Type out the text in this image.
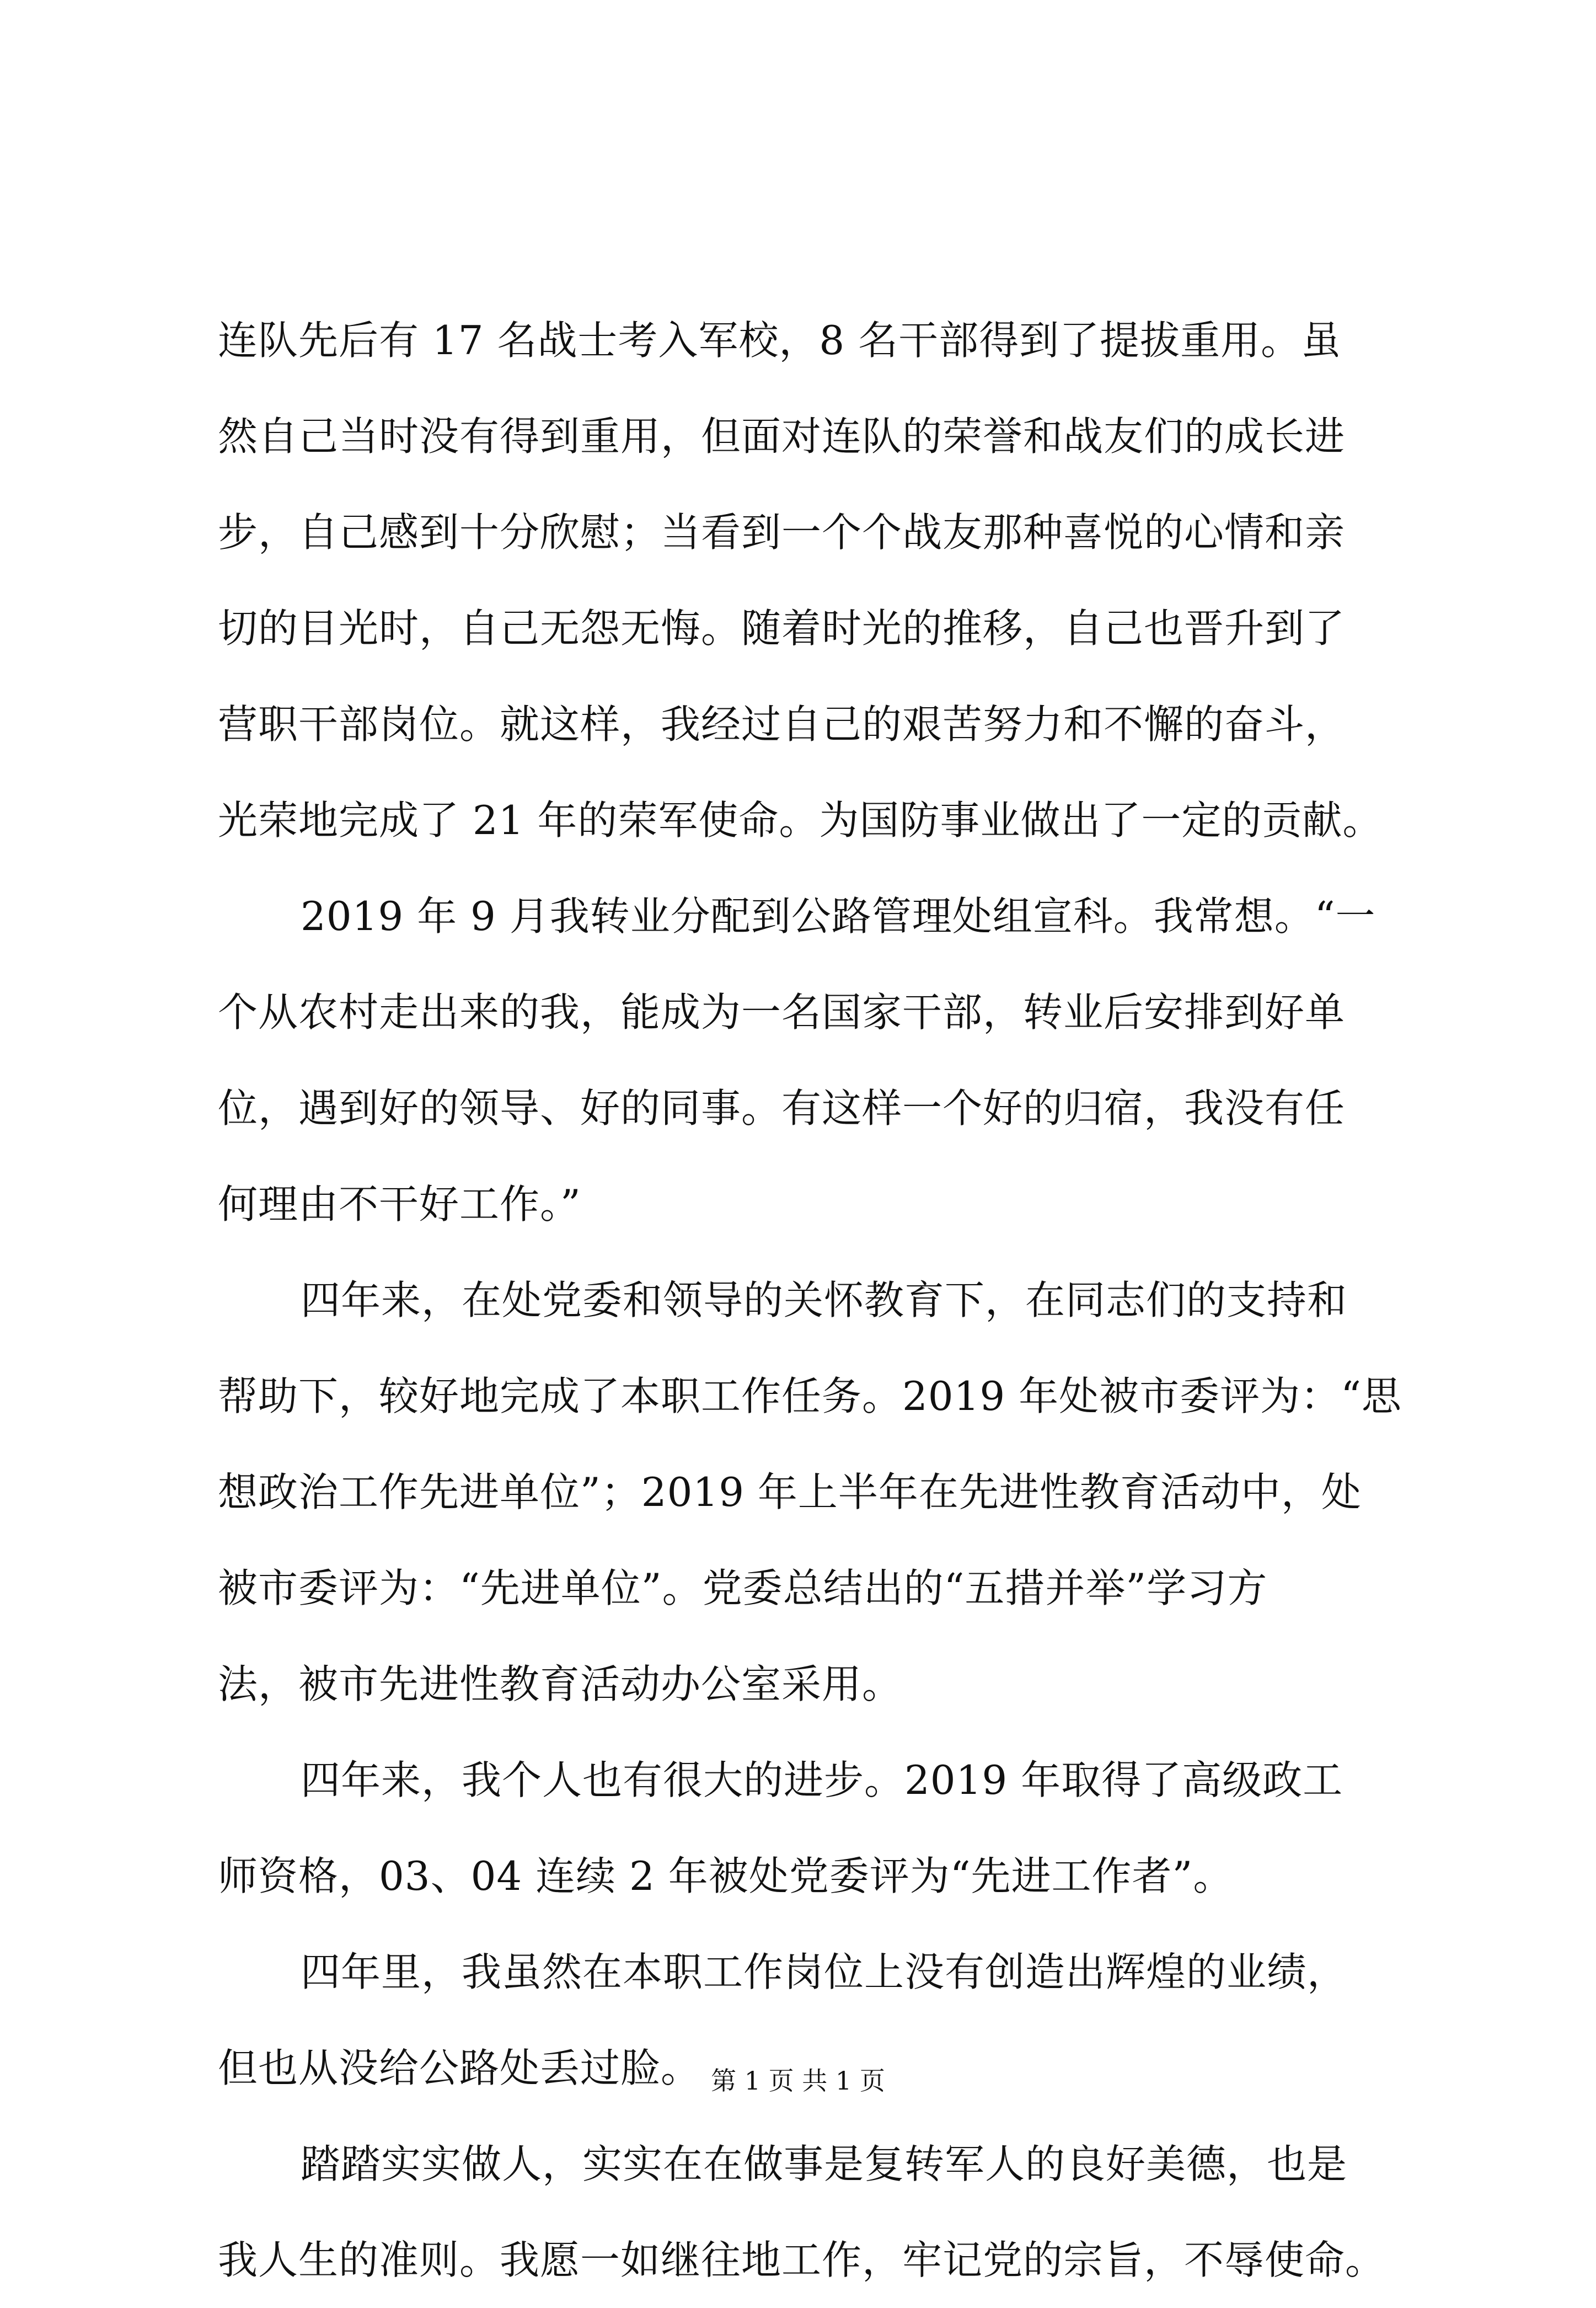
连队先后有 17 名战士考入军校，8 名干部得到了提拔重用。虽
然自己当时没有得到重用，但面对连队的荣誉和战友们的成长进
步，自己感到十分欣慰；当看到一个个战友那种喜悦的心情和亲
切的目光时，自己无怨无悔。随着时光的推移，自己也晋升到了
营职干部岗位。就这样，我经过自己的艰苦努力和不懈的奋斗，
光荣地完成了 21 年的荣军使命。为国防事业做出了一定的贡献。
2019 年 9 月我转业分配到公路管理处组宣科。我常想。“一
个从农村走出来的我，能成为一名国家干部，转业后安排到好单
位，遇到好的领导、好的同事。有这样一个好的归宿，我没有任
何理由不干好工作。”
四年来，在处党委和领导的关怀教育下，在同志们的支持和
帮助下，较好地完成了本职工作任务。2019 年处被市委评为：“思
想政治工作先进单位”；2019 年上半年在先进性教育活动中，处
被市委评为：“先进单位”。党委总结出的“五措并举”学习方
法，被市先进性教育活动办公室采用。
四年来，我个人也有很大的进步。2019 年取得了高级政工
师资格，03、04 连续 2 年被处党委评为“先进工作者”。
四年里，我虽然在本职工作岗位上没有创造出辉煌的业绩，
但也从没给公路处丢过脸。
踏踏实实做人，实实在在做事是复转军人的良好美德，也是
我人生的准则。我愿一如继往地工作，牢记党的宗旨，不辱使命。
第 1 页 共 1 页
